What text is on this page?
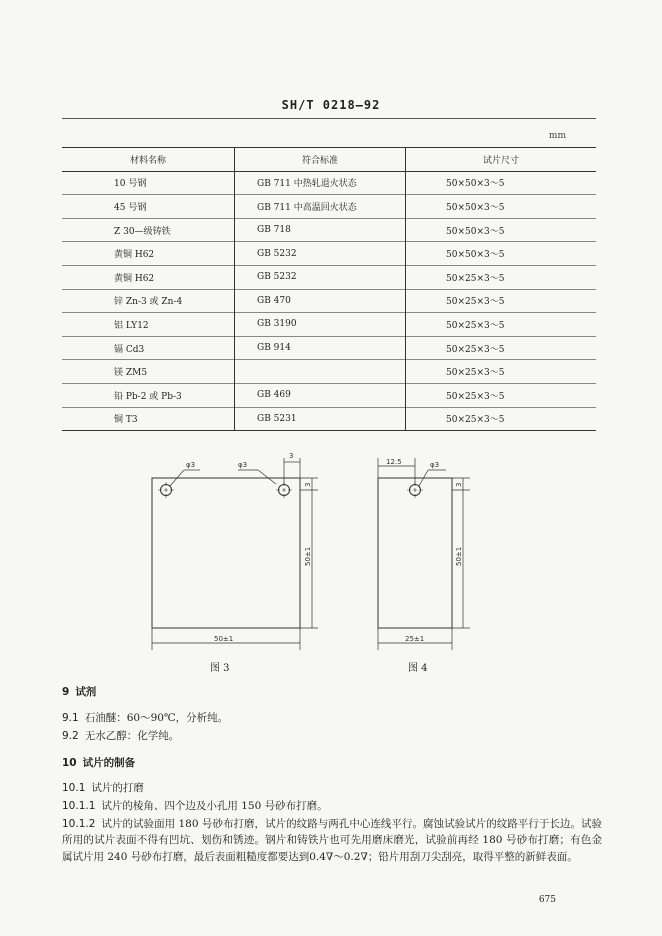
SH/T 0218—92
mm
材料名称	符合标准	试片尺寸
10 号钢	GB 711 中热轧退火状态	50×50×3～5
45 号钢	GB 711 中高温回火状态	50×50×3～5
Z 30—级铸铁	GB 718	50×50×3～5
黄铜 H62	GB 5232	50×50×3～5
黄铜 H62	GB 5232	50×25×3～5
锌 Zn-3 或 Zn-4	GB 470	50×25×3～5
铝 LY12	GB 3190	50×25×3～5
镉 Cd3	GB 914	50×25×3～5
镁 ZM5		50×25×3～5
铅 Pb-2 或 Pb-3	GB 469	50×25×3～5
铜 T3	GB 5231	50×25×3～5
φ3	φ3
3
3
50±1
50±1
12.5	φ3
3
50±1
25±1
图 3	图 4
9 试剂
9.1 石油醚：60～90℃，分析纯。
9.2 无水乙醇：化学纯。
10 试片的制备
10.1 试片的打磨
10.1.1 试片的棱角、四个边及小孔用 150 号砂布打磨。
10.1.2 试片的试验面用 180 号砂布打磨，试片的纹路与两孔中心连线平行。腐蚀试验试片的纹路平行于长边。试验所用的试片表面不得有凹坑、划伤和锈迹。钢片和铸铁片也可先用磨床磨光，试验前再经 180 号砂布打磨；有色金属试片用 240 号砂布打磨，最后表面粗糙度都要达到0.4∇～0.2∇；铅片用刮刀尖刮亮，取得平整的新鲜表面。
675
